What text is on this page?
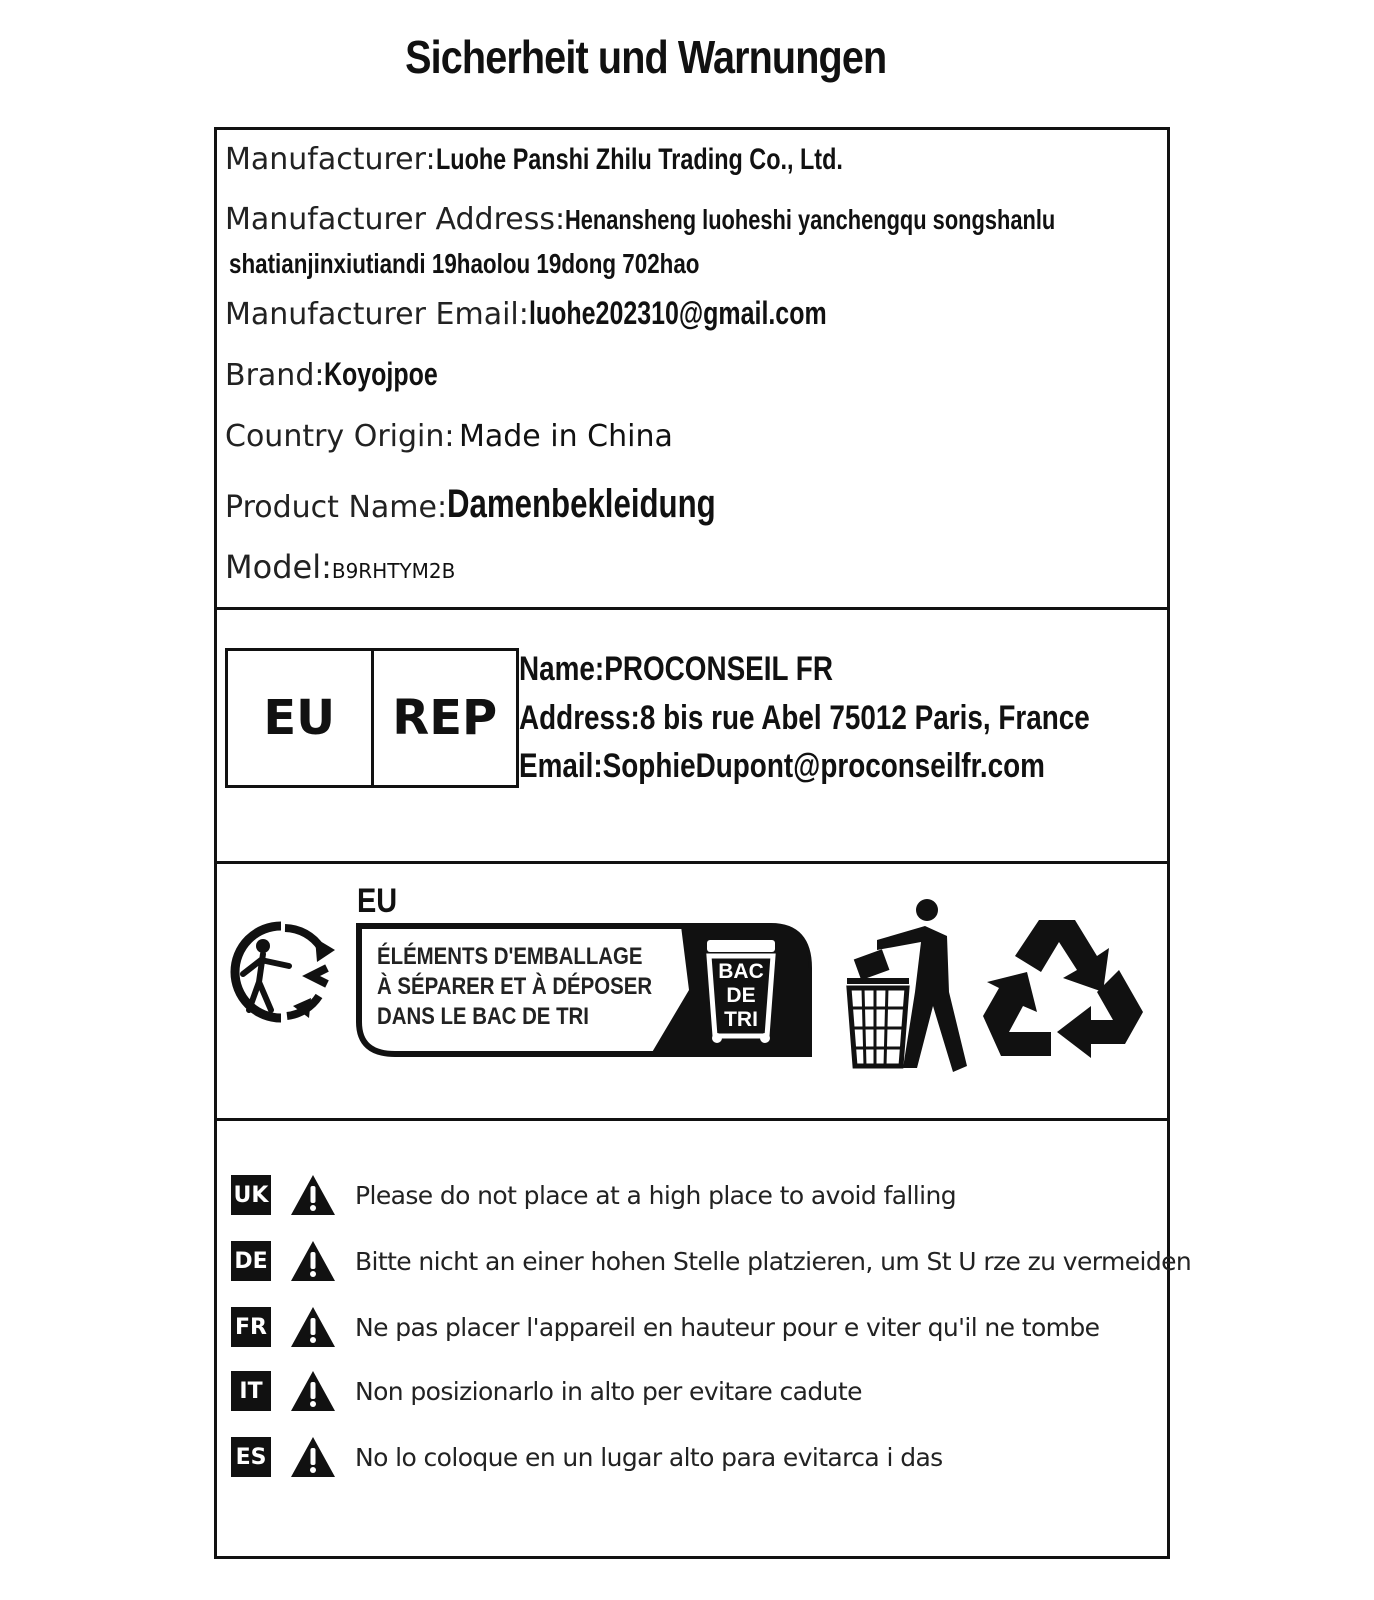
Sicherheit und Warnungen
Manufacturer:Luohe Panshi Zhilu Trading Co., Ltd.
Manufacturer Address:Henansheng luoheshi yanchengqu songshanlu
shatianjinxiutiandi 19haolou 19dong 702hao
Manufacturer Email:luohe202310@gmail.com
Brand:Koyojpoe
Country Origin: Made in China
Product Name:Damenbekleidung
Model:B9RHTYM2B
EU	REP
Name:PROCONSEIL FR
Address:8 bis rue Abel 75012 Paris, France
Email:SophieDupont@proconseilfr.com
EU
ÉLÉMENTS D'EMBALLAGE
À SÉPARER ET À DÉPOSER
DANS LE BAC DE TRI
BAC
DE
TRI
UK	Please do not place at a high place to avoid falling
DE	Bitte nicht an einer hohen Stelle platzieren, um St U rze zu vermeiden
FR	Ne pas placer l'appareil en hauteur pour e viter qu'il ne tombe
IT	Non posizionarlo in alto per evitare cadute
ES	No lo coloque en un lugar alto para evitarca i das
